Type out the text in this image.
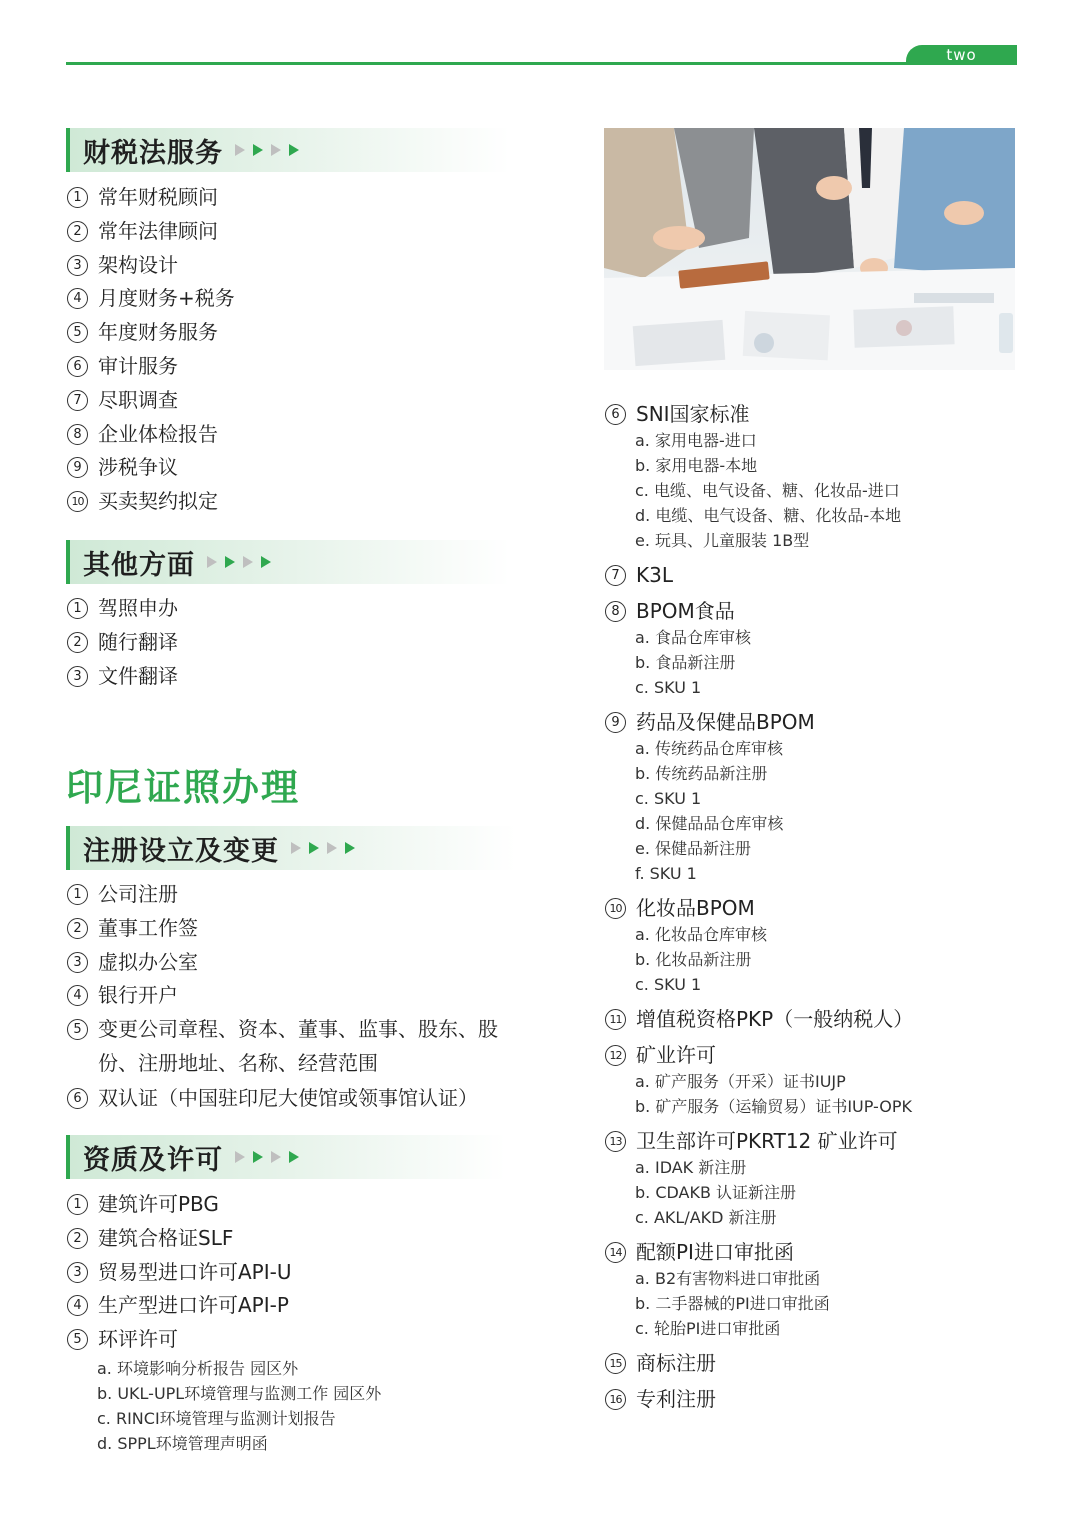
two
财税法服务
1 常年财税顾问
2 常年法律顾问
3 架构设计
4 月度财务+税务
5 年度财务服务
6 审计服务
7 尽职调查
8 企业体检报告
9 涉税争议
10 买卖契约拟定
其他方面
1 驾照申办
2 随行翻译
3 文件翻译
印尼证照办理
注册设立及变更
1 公司注册
2 董事工作签
3 虚拟办公室
4 银行开户
5 变更公司章程、资本、董事、监事、股东、股份、注册地址、名称、经营范围
6 双认证（中国驻印尼大使馆或领事馆认证）
资质及许可
1 建筑许可PBG
2 建筑合格证SLF
3 贸易型进口许可API-U
4 生产型进口许可API-P
5 环评许可
a. 环境影响分析报告 园区外
b. UKL-UPL环境管理与监测工作 园区外
c. RINCI环境管理与监测计划报告
d. SPPL环境管理声明函
6 SNI国家标准
a. 家用电器-进口
b. 家用电器-本地
c. 电缆、电气设备、糖、化妆品-进口
d. 电缆、电气设备、糖、化妆品-本地
e. 玩具、儿童服装 1B型
7 K3L
8 BPOM食品
a. 食品仓库审核
b. 食品新注册
c. SKU 1
9 药品及保健品BPOM
a. 传统药品仓库审核
b. 传统药品新注册
c. SKU 1
d. 保健品品仓库审核
e. 保健品新注册
f. SKU 1
10 化妆品BPOM
a. 化妆品仓库审核
b. 化妆品新注册
c. SKU 1
11 增值税资格PKP（一般纳税人）
12 矿业许可
a. 矿产服务（开采）证书IUJP
b. 矿产服务（运输贸易）证书IUP-OPK
13 卫生部许可PKRT12 矿业许可
a. IDAK 新注册
b. CDAKB 认证新注册
c. AKL/AKD 新注册
14 配额PI进口审批函
a. B2有害物料进口审批函
b. 二手器械的PI进口审批函
c. 轮胎PI进口审批函
15 商标注册
16 专利注册
